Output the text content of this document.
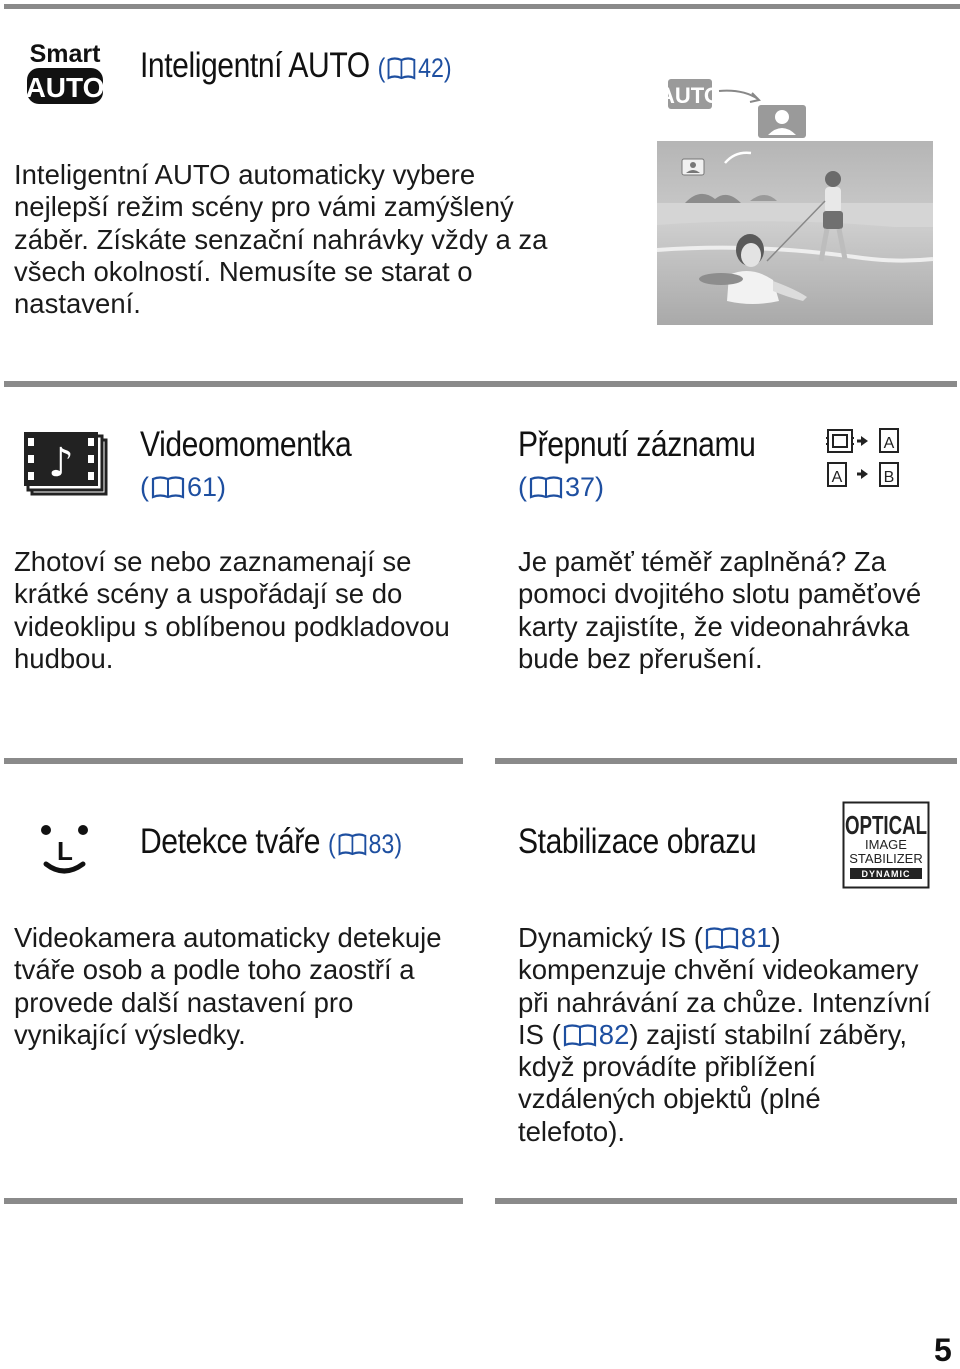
Smart
AUTO
Inteligentní AUTO ( 42)
Inteligentní AUTO automaticky vybere nejlepší režim scény pro vámi zamýšlený záběr. Získáte senzační nahrávky vždy a za všech okolností. Nemusíte se starat o nastavení.
AUTO
♪ Videomomentka
( 61)
Zhotoví se nebo zaznamenají se krátké scény a uspořádají se do videoklipu s oblíbenou podkladovou hudbou.
Přepnutí záznamu
( 37)
A
A	B
Je paměť téměř zaplněná? Za pomoci dvojitého slotu paměťové karty zajistíte, že videonahrávka bude bez přerušení.
L Detekce tváře ( 83)
Videokamera automaticky detekuje tváře osob a podle toho zaostří a provede další nastavení pro vynikající výsledky.
Stabilizace obrazu	OPTICAL
IMAGE
STABILIZER
DYNAMIC
Dynamický IS ( 81)
kompenzuje chvění videokamery
při nahrávání za chůze. Intenzívní
IS ( 82) zajistí stabilní záběry,
když provádíte přiblížení
vzdálených objektů (plné
telefoto).
5
